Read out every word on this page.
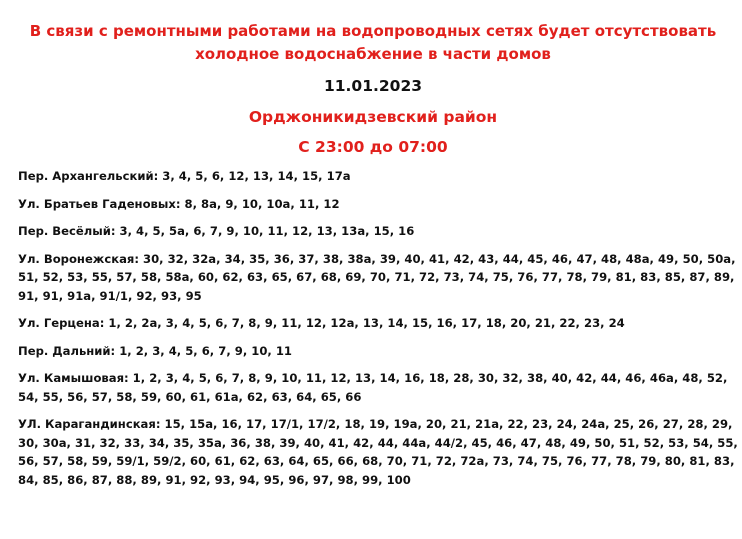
В связи с ремонтными работами на водопроводных сетях будет отсутствовать
холодное водоснабжение в части домов
11.01.2023
Орджоникидзевский район
С 23:00 до 07:00
Пер. Архангельский: 3, 4, 5, 6, 12, 13, 14, 15, 17а
Ул. Братьев Гаденовых: 8, 8а, 9, 10, 10а, 11, 12
Пер. Весёлый: 3, 4, 5, 5а, 6, 7, 9, 10, 11, 12, 13, 13а, 15, 16
Ул. Воронежская: 30, 32, 32а, 34, 35, 36, 37, 38, 38а, 39, 40, 41, 42, 43, 44, 45, 46, 47, 48, 48а, 49, 50, 50а,
51, 52, 53, 55, 57, 58, 58а, 60, 62, 63, 65, 67, 68, 69, 70, 71, 72, 73, 74, 75, 76, 77, 78, 79, 81, 83, 85, 87, 89,
91, 91, 91а, 91/1, 92, 93, 95
Ул. Герцена: 1, 2, 2а, 3, 4, 5, 6, 7, 8, 9, 11, 12, 12а, 13, 14, 15, 16, 17, 18, 20, 21, 22, 23, 24
Пер. Дальний: 1, 2, 3, 4, 5, 6, 7, 9, 10, 11
Ул. Камышовая: 1, 2, 3, 4, 5, 6, 7, 8, 9, 10, 11, 12, 13, 14, 16, 18, 28, 30, 32, 38, 40, 42, 44, 46, 46а, 48, 52,
54, 55, 56, 57, 58, 59, 60, 61, 61а, 62, 63, 64, 65, 66
УЛ. Карагандинская: 15, 15а, 16, 17, 17/1, 17/2, 18, 19, 19а, 20, 21, 21а, 22, 23, 24, 24а, 25, 26, 27, 28, 29,
30, 30а, 31, 32, 33, 34, 35, 35а, 36, 38, 39, 40, 41, 42, 44, 44а, 44/2, 45, 46, 47, 48, 49, 50, 51, 52, 53, 54, 55,
56, 57, 58, 59, 59/1, 59/2, 60, 61, 62, 63, 64, 65, 66, 68, 70, 71, 72, 72а, 73, 74, 75, 76, 77, 78, 79, 80, 81, 83,
84, 85, 86, 87, 88, 89, 91, 92, 93, 94, 95, 96, 97, 98, 99, 100
